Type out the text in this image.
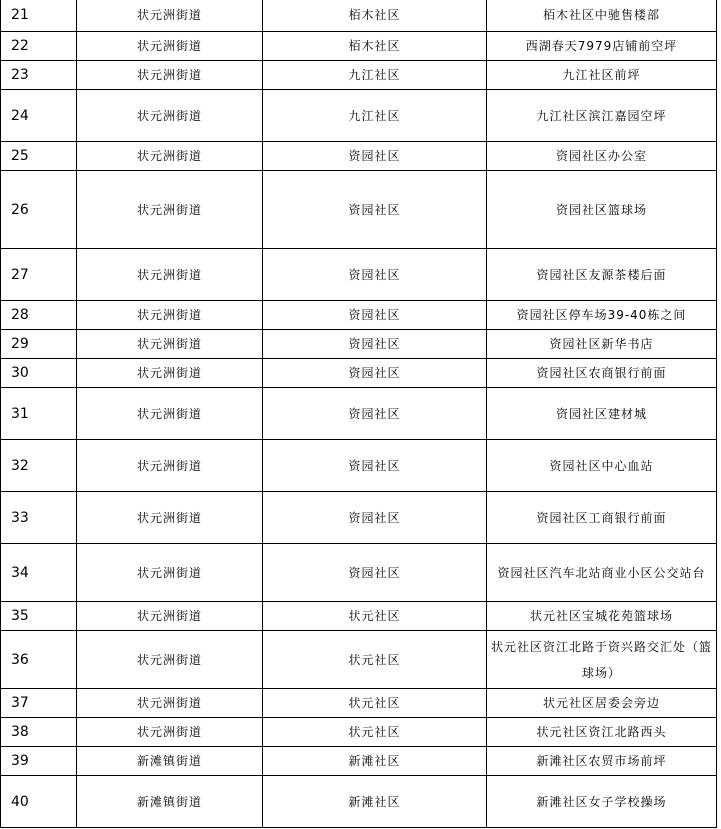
21	状元洲街道	栢木社区	栢木社区中驰售楼部
22	状元洲街道	栢木社区	西湖春天7979店铺前空坪
23	状元洲街道	九江社区	九江社区前坪
24	状元洲街道	九江社区	九江社区滨江嘉园空坪
25	状元洲街道	资园社区	资园社区办公室
26	状元洲街道	资园社区	资园社区篮球场
27	状元洲街道	资园社区	资园社区友源茶楼后面
28	状元洲街道	资园社区	资园社区停车场39-40栋之间
29	状元洲街道	资园社区	资园社区新华书店
30	状元洲街道	资园社区	资园社区农商银行前面
31	状元洲街道	资园社区	资园社区建材城
32	状元洲街道	资园社区	资园社区中心血站
33	状元洲街道	资园社区	资园社区工商银行前面
34	状元洲街道	资园社区	资园社区汽车北站商业小区公交站台
35	状元洲街道	状元社区	状元社区宝城花苑篮球场
36	状元洲街道	状元社区	状元社区资江北路于资兴路交汇处（篮球场）
37	状元洲街道	状元社区	状元社区居委会旁边
38	状元洲街道	状元社区	状元社区资江北路西头
39	新滩镇街道	新滩社区	新滩社区农贸市场前坪
40	新滩镇街道	新滩社区	新滩社区女子学校操场
